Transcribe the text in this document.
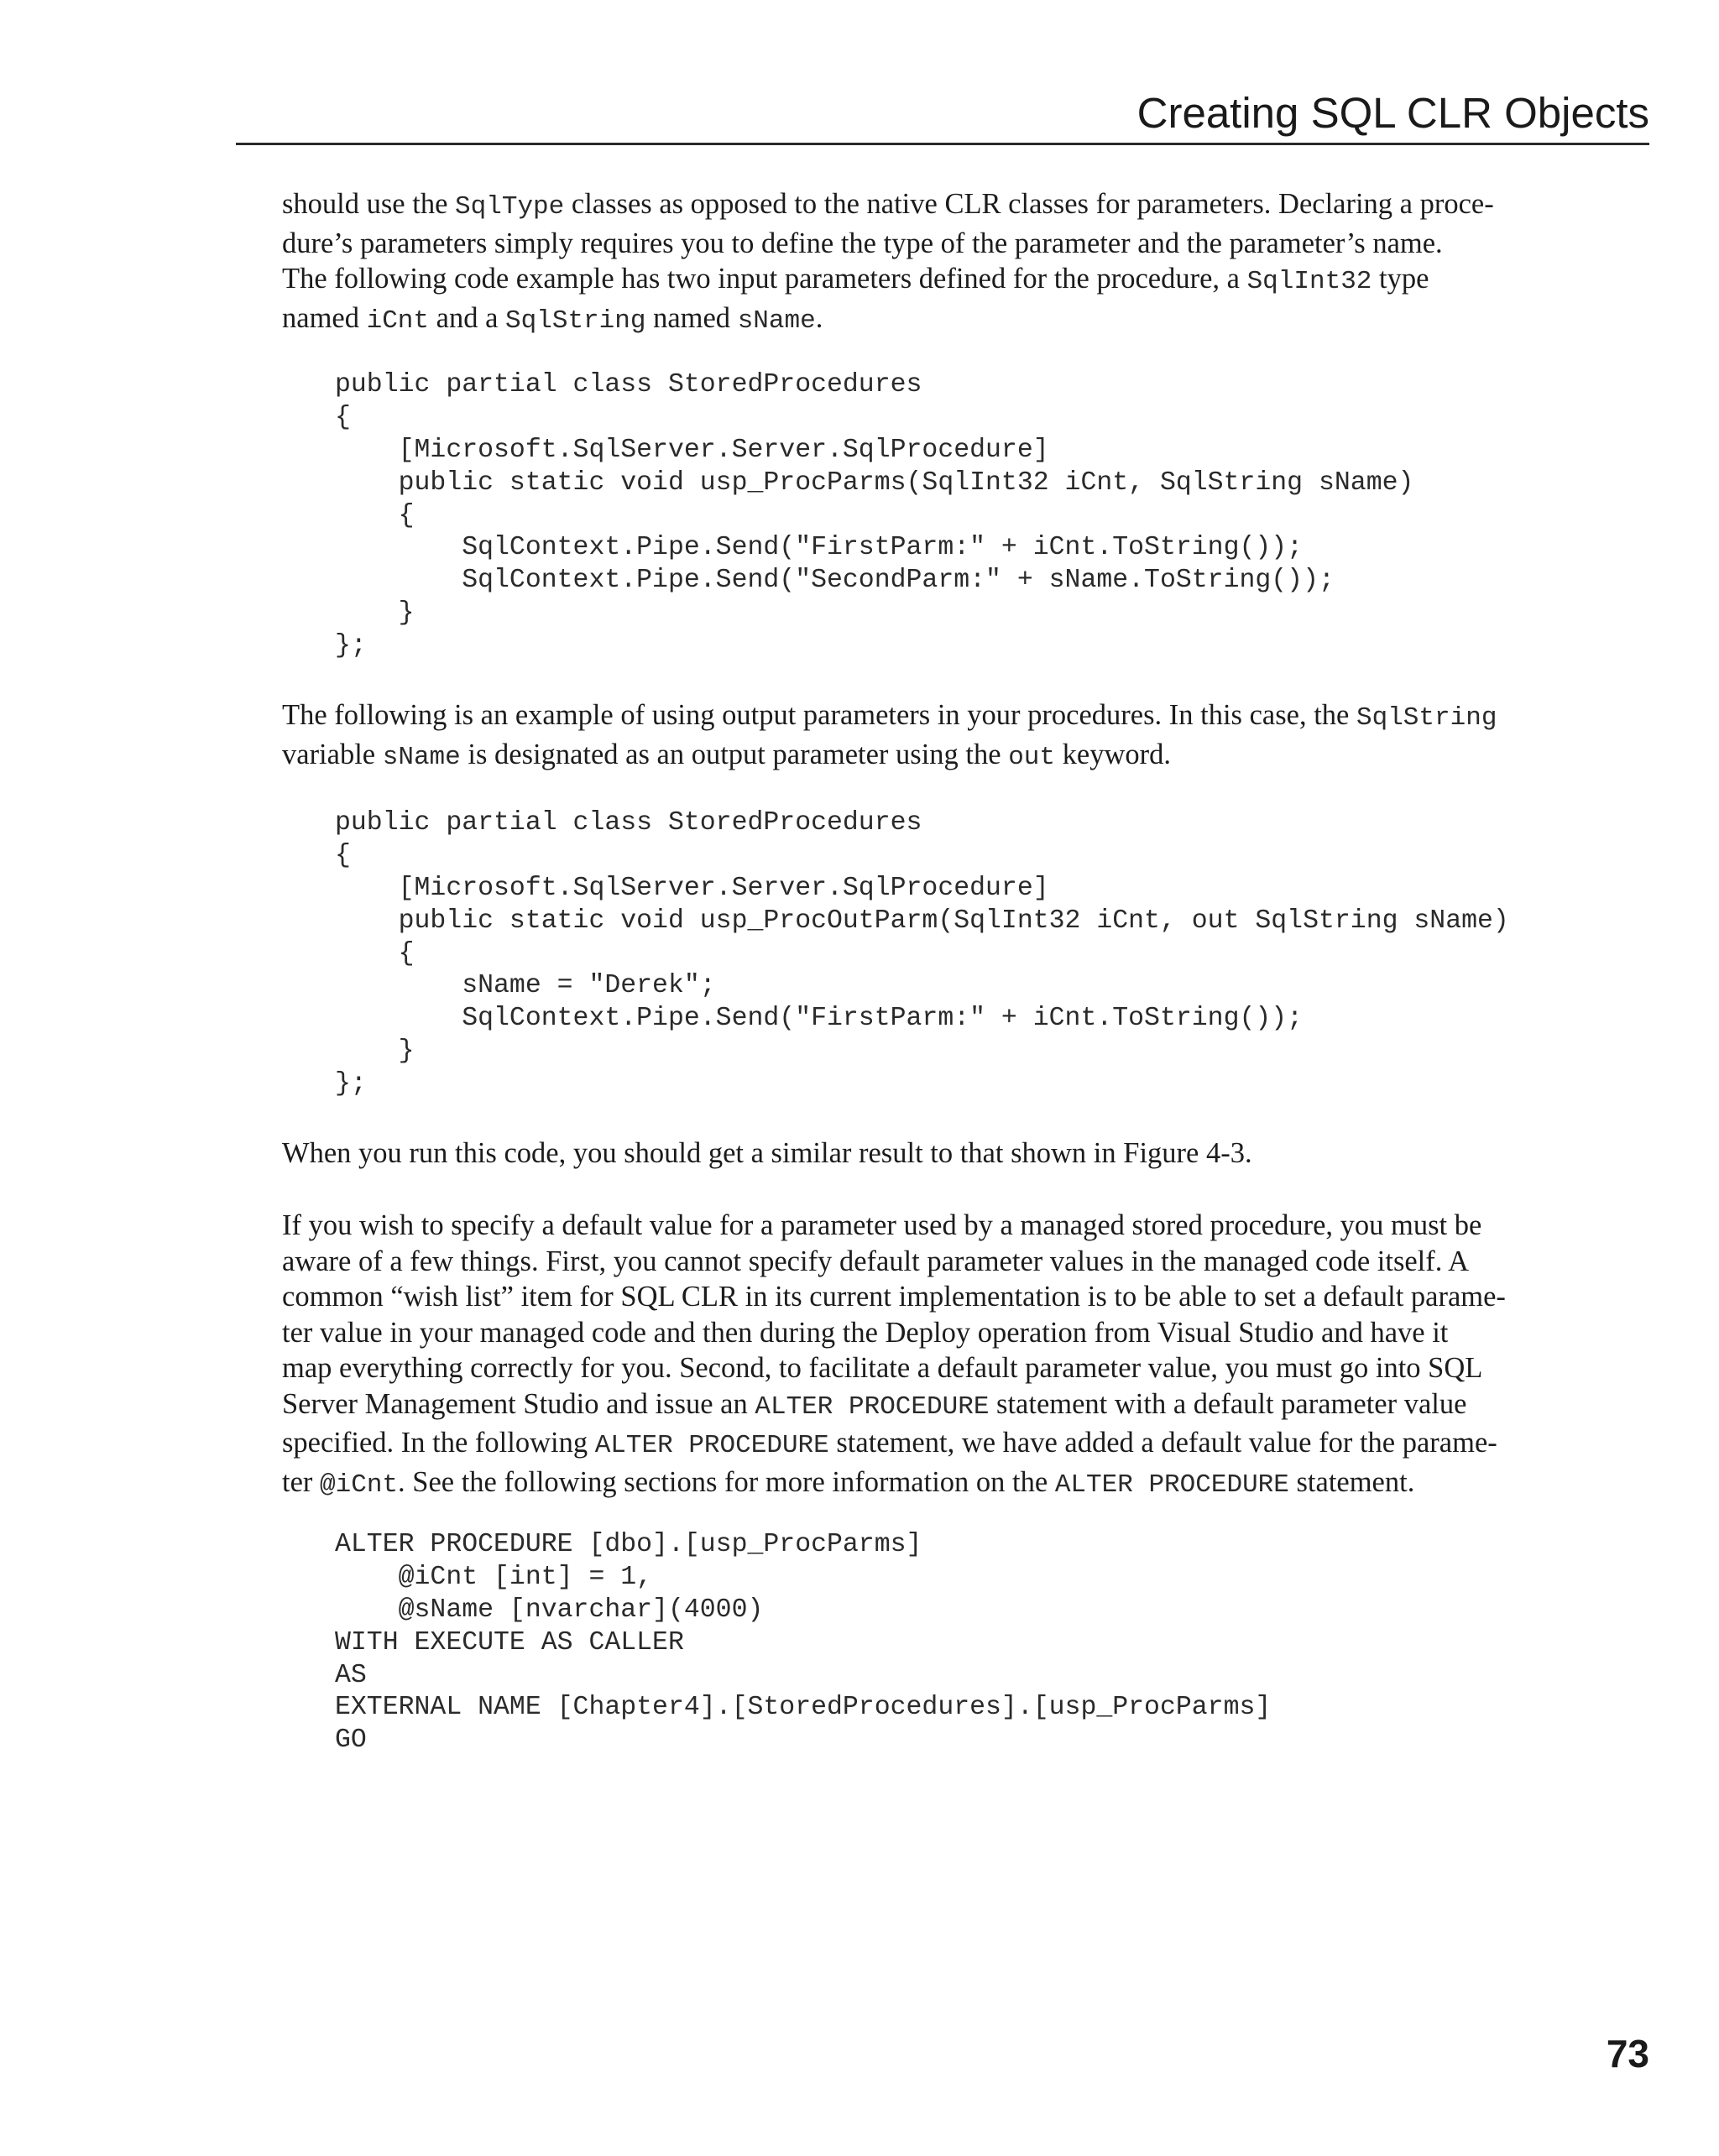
Creating SQL CLR Objects

should use the SqlType classes as opposed to the native CLR classes for parameters. Declaring a proce-
dure’s parameters simply requires you to define the type of the parameter and the parameter’s name.
The following code example has two input parameters defined for the procedure, a SqlInt32 type
named iCnt and a SqlString named sName.

public partial class StoredProcedures
{
[Microsoft.SqlServer.Server.SqlProcedure]
public static void usp_ProcParms(SqlInt32 iCnt, SqlString sName)
{
SqlContext.Pipe.Send("FirstParm:" + iCnt.ToString());
SqlContext.Pipe.Send("SecondParm:" + sName.ToString());
}
};

The following is an example of using output parameters in your procedures. In this case, the SqlString
variable sName is designated as an output parameter using the out keyword.

public partial class StoredProcedures
{
[Microsoft.SqlServer.Server.SqlProcedure]
public static void usp_ProcOutParm(SqlInt32 iCnt, out SqlString sName)
{
sName = "Derek";
SqlContext.Pipe.Send("FirstParm:" + iCnt.ToString());
}
};

When you run this code, you should get a similar result to that shown in Figure 4-3.

If you wish to specify a default value for a parameter used by a managed stored procedure, you must be
aware of a few things. First, you cannot specify default parameter values in the managed code itself. A
common “wish list” item for SQL CLR in its current implementation is to be able to set a default parame-
ter value in your managed code and then during the Deploy operation from Visual Studio and have it
map everything correctly for you. Second, to facilitate a default parameter value, you must go into SQL
Server Management Studio and issue an ALTER PROCEDURE statement with a default parameter value
specified. In the following ALTER PROCEDURE statement, we have added a default value for the parame-
ter @iCnt. See the following sections for more information on the ALTER PROCEDURE statement.

ALTER PROCEDURE [dbo].[usp_ProcParms]
@iCnt [int] = 1,
@sName [nvarchar](4000)
WITH EXECUTE AS CALLER
AS
EXTERNAL NAME [Chapter4].[StoredProcedures].[usp_ProcParms]
GO
73
